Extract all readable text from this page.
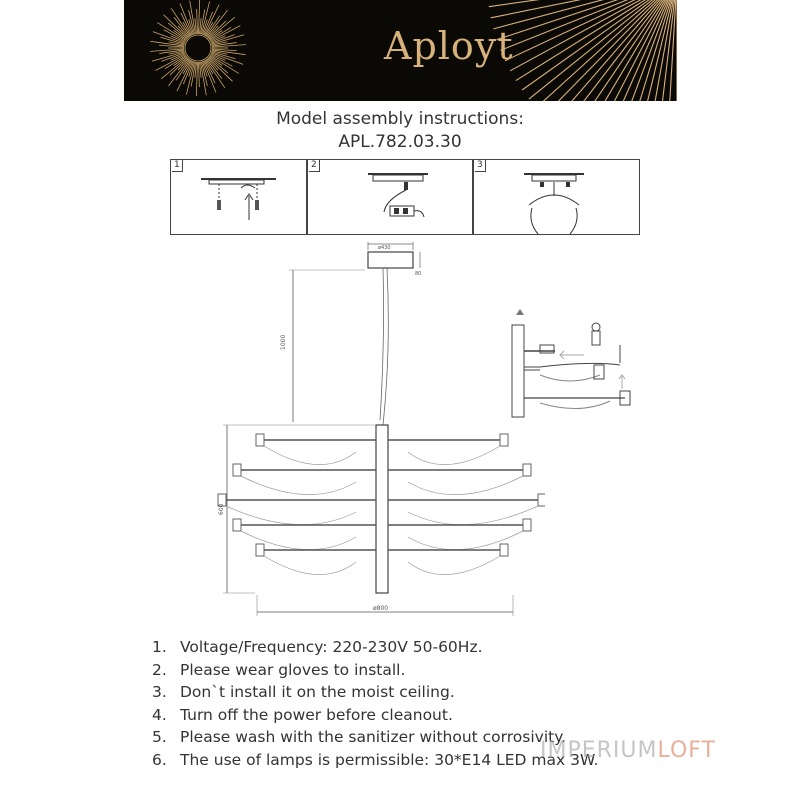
Aployt
Model assembly instructions:
APL.782.03.30
1	2	3
ø430
80
1000
600
ø800
1. Voltage/Frequency: 220-230V 50-60Hz.
2. Please wear gloves to install.
3. Don`t install it on the moist ceiling.
4. Turn off the power before cleanout.
5. Please wash with the sanitizer without corrosivity.
6. The use of lamps is permissible: 30*E14 LED max 3W.
IMPERIUMLOFT
